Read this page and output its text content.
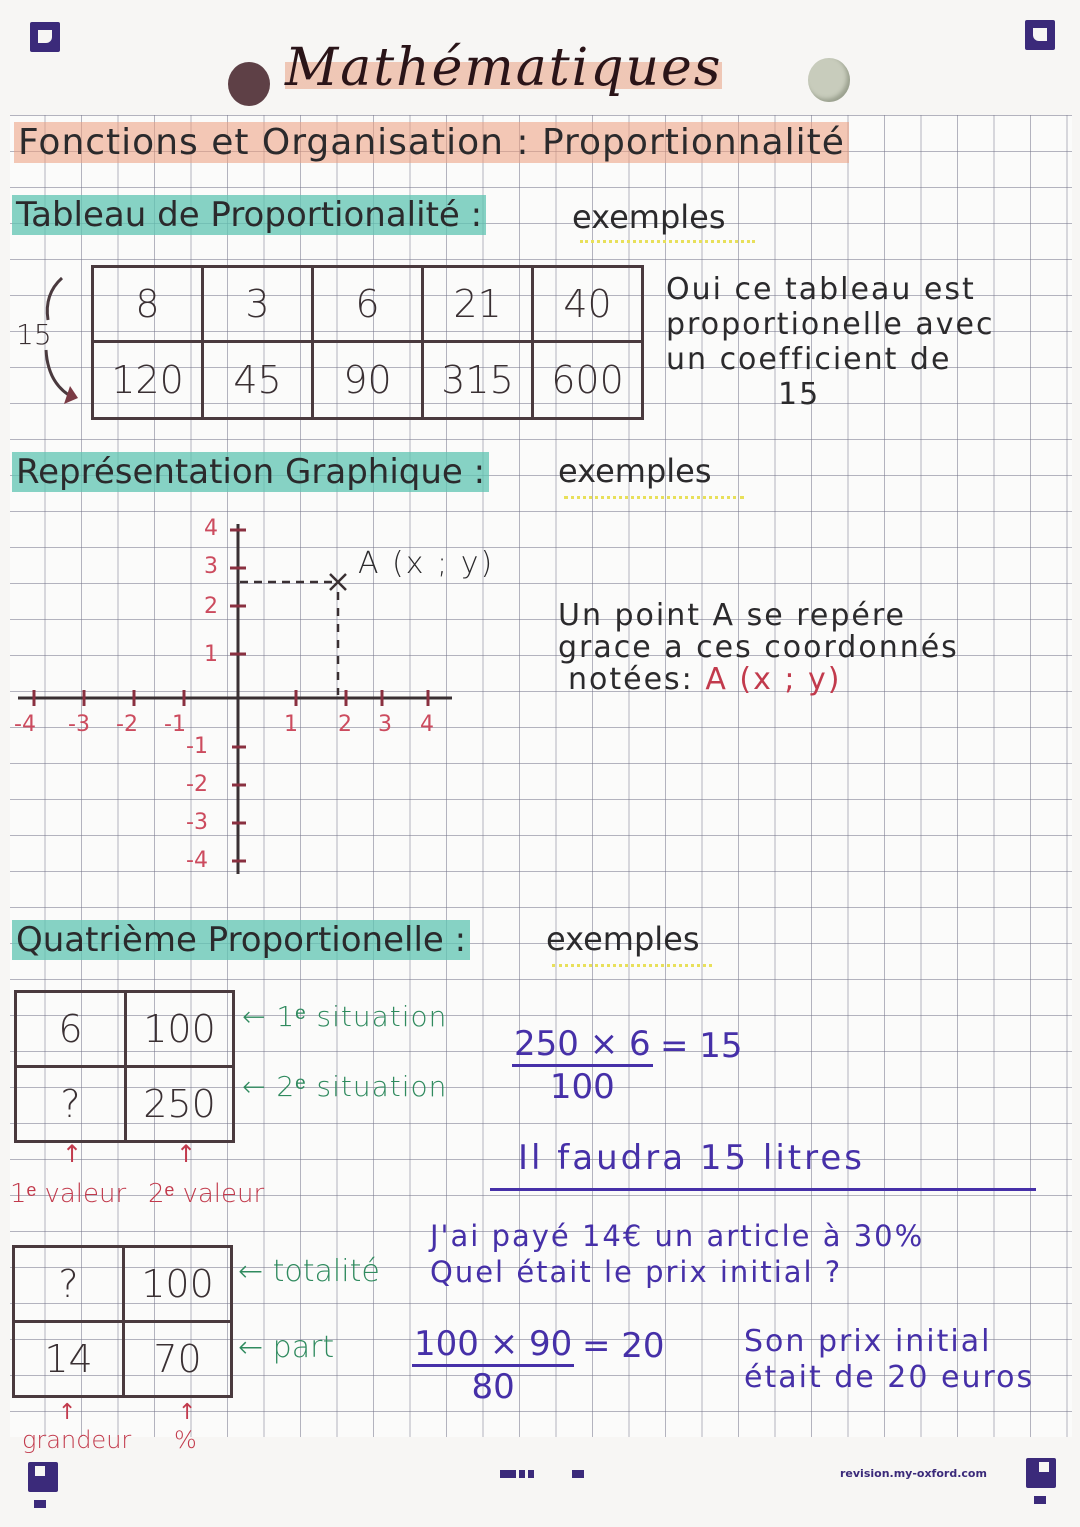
Mathématiques
Fonctions et Organisation : Proportionnalité
Tableau de Proportionalité :	exemples
15
8	3	6	21	40
120	45	90	315	600
Oui ce tableau est
proportionelle avec
un coefficient de
15
Représentation Graphique : exemples
A (x ; y)
4
3
2
1
-4 -3 -2 -1	1 2 3 4
-1
-2
-3
-4
Un point A se repére
grace a ces coordonnés
notées: A (x ; y)
Quatrième Proportionelle : exemples
6	100
?	250
← 1ᵉ situation
← 2ᵉ situation
↑	↑
1ᵉ valeur 2ᵉ valeur
$\frac{250 \times 6}{100} = 15$
Il faudra 15 litres
?	100
14	70
← totalité
← part
↑	↑
grandeur %
J'ai payé 14€ un article à 30%
Quel était le prix initial ?
$\frac{100 \times 90}{80} = 20$	Son prix initial
était de 20 euros
revision.my-oxford.com
